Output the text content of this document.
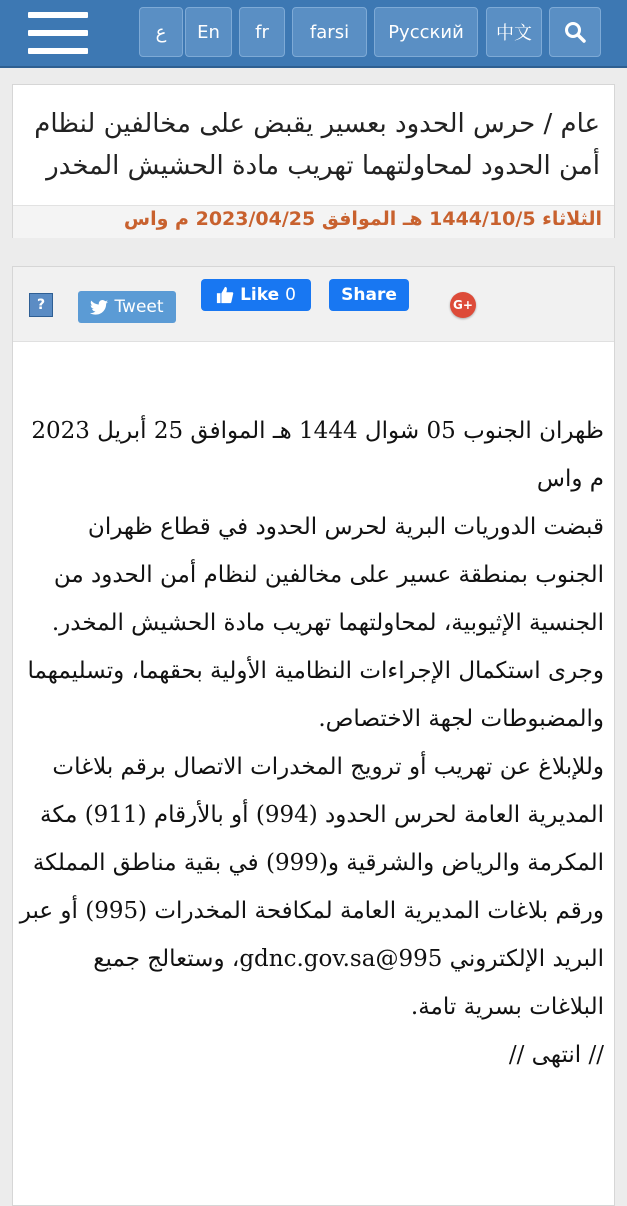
ع	En	fr	farsi	Русский	中文
عام / حرس الحدود بعسير يقبض على مخالفين لنظام أمن الحدود لمحاولتهما تهريب مادة الحشيش المخدر
الثلاثاء 1444/10/5 هـ الموافق 2023/04/25 م واس
?	Tweet
Like 0	Share	G+

ظهران الجنوب 05 شوال 1444 هـ الموافق 25 أبريل 2023 م واس

قبضت الدوريات البرية لحرس الحدود في قطاع ظهران الجنوب بمنطقة عسير على مخالفين لنظام أمن الحدود من الجنسية الإثيوبية، لمحاولتهما تهريب مادة الحشيش المخدر.

وجرى استكمال الإجراءات النظامية الأولية بحقهما، وتسليمهما والمضبوطات لجهة الاختصاص.

وللإبلاغ عن تهريب أو ترويج المخدرات الاتصال برقم بلاغات المديرية العامة لحرس الحدود (994) أو بالأرقام (911) مكة المكرمة والرياض والشرقية و(999) في بقية مناطق المملكة ورقم بلاغات المديرية العامة لمكافحة المخدرات (995) أو عبر البريد الإلكتروني 995@gdnc.gov.sa، وستعالج جميع البلاغات بسرية تامة.

// انتهى //
